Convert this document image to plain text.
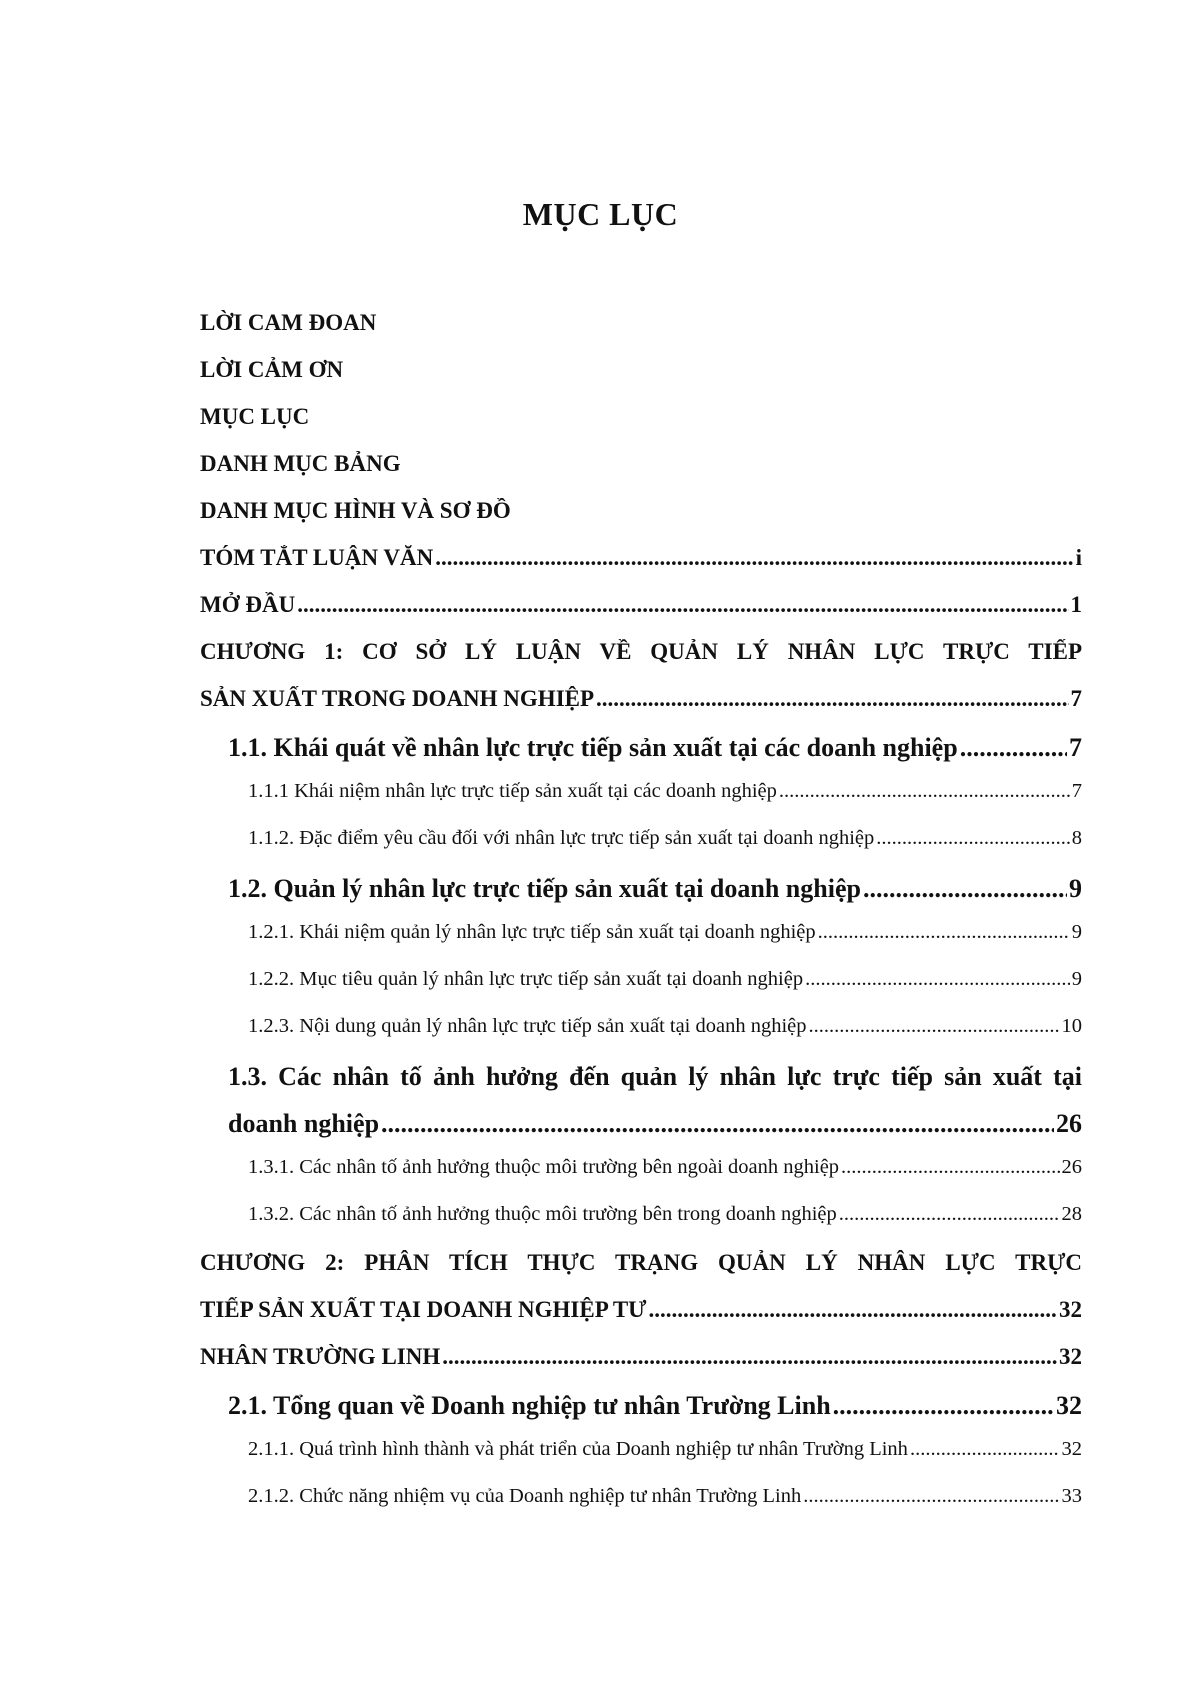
MỤC LỤC
LỜI CAM ĐOAN
LỜI CẢM ƠN
MỤC LỤC
DANH MỤC BẢNG
DANH MỤC HÌNH VÀ SƠ ĐỒ
TÓM TẮT LUẬN VĂN .....	i
MỞ ĐẦU .....	1
CHƯƠNG 1: CƠ SỞ LÝ LUẬN VỀ QUẢN LÝ NHÂN LỰC TRỰC TIẾP
SẢN XUẤT TRONG DOANH NGHIỆP .....	7
1.1. Khái quát về nhân lực trực tiếp sản xuất tại các doanh nghiệp .....	7
1.1.1 Khái niệm nhân lực trực tiếp sản xuất tại các doanh nghiệp .....	7
1.1.2. Đặc điểm yêu cầu đối với nhân lực trực tiếp sản xuất tại doanh nghiệp .....	8
1.2. Quản lý nhân lực trực tiếp sản xuất tại doanh nghiệp .....	9
1.2.1. Khái niệm quản lý nhân lực trực tiếp sản xuất tại doanh nghiệp .....	9
1.2.2. Mục tiêu quản lý nhân lực trực tiếp sản xuất tại doanh nghiệp .....	9
1.2.3. Nội dung quản lý nhân lực trực tiếp sản xuất tại doanh nghiệp .....	10
1.3. Các nhân tố ảnh hưởng đến quản lý nhân lực trực tiếp sản xuất tại
doanh nghiệp .....	26
1.3.1. Các nhân tố ảnh hưởng thuộc môi trường bên ngoài doanh nghiệp .....	26
1.3.2. Các nhân tố ảnh hưởng thuộc môi trường bên trong doanh nghiệp .....	28
CHƯƠNG 2: PHÂN TÍCH THỰC TRẠNG QUẢN LÝ NHÂN LỰC TRỰC
TIẾP SẢN XUẤT TẠI DOANH NGHIỆP TƯ .....	32
NHÂN TRƯỜNG LINH .....	32
2.1. Tổng quan về Doanh nghiệp tư nhân Trường Linh .....	32
2.1.1. Quá trình hình thành và phát triển của Doanh nghiệp tư nhân Trường Linh .....	32
2.1.2. Chức năng nhiệm vụ của Doanh nghiệp tư nhân Trường Linh .....	33
